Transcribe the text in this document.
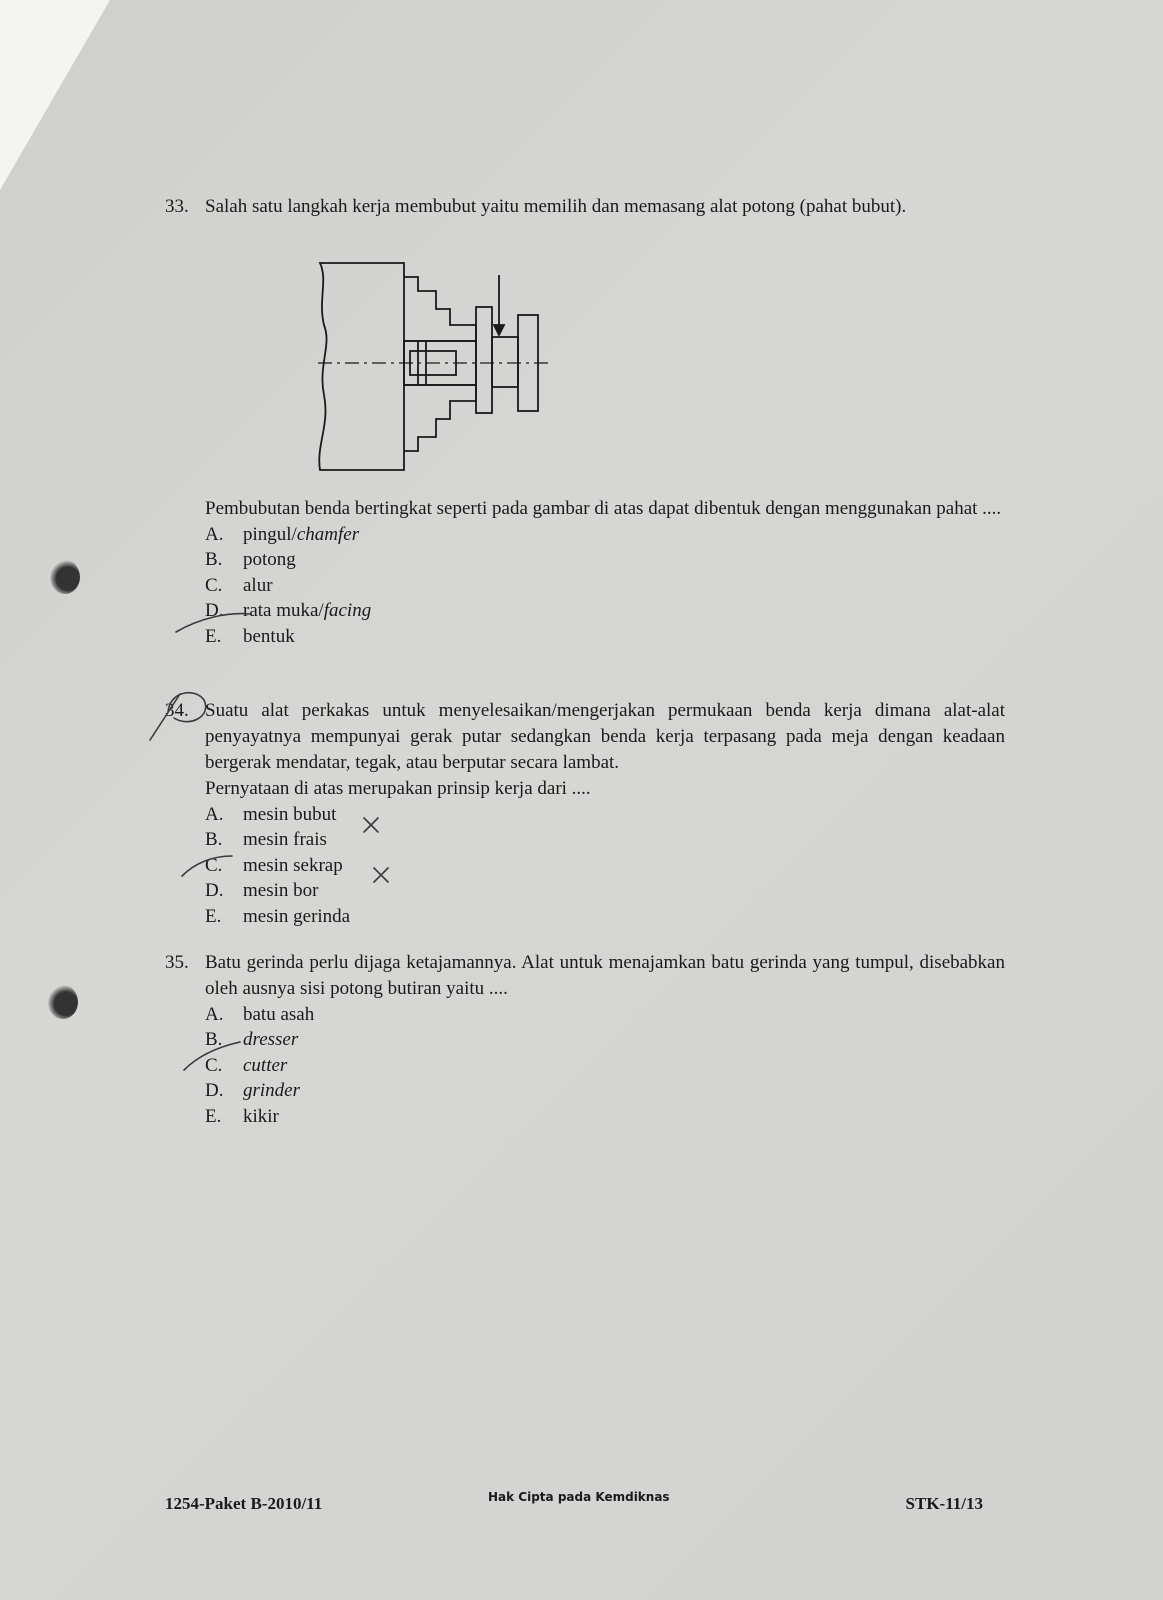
33. Salah satu langkah kerja membubut yaitu memilih dan memasang alat potong (pahat bubut).
Pembubutan benda bertingkat seperti pada gambar di atas dapat dibentuk dengan menggunakan pahat ....
A.	pingul/ chamfer
B.	potong
C.	alur
D.	rata muka/ facing
E.	bentuk
34. Suatu alat perkakas untuk menyelesaikan/mengerjakan permukaan benda kerja dimana alat-alat penyayatnya mempunyai gerak putar sedangkan benda kerja terpasang pada meja dengan keadaan bergerak mendatar, tegak, atau berputar secara lambat.
Pernyataan di atas merupakan prinsip kerja dari ....
A.	mesin bubut
B.	mesin frais
C.	mesin sekrap
D.	mesin bor
E.	mesin gerinda
35. Batu gerinda perlu dijaga ketajamannya. Alat untuk menajamkan batu gerinda yang tumpul, disebabkan oleh ausnya sisi potong butiran yaitu ....
A.	batu asah
B.	dresser
C.	cutter
D.	grinder
E.	kikir
1254-Paket B-2010/11	Hak Cipta pada Kemdiknas	STK-11/13
